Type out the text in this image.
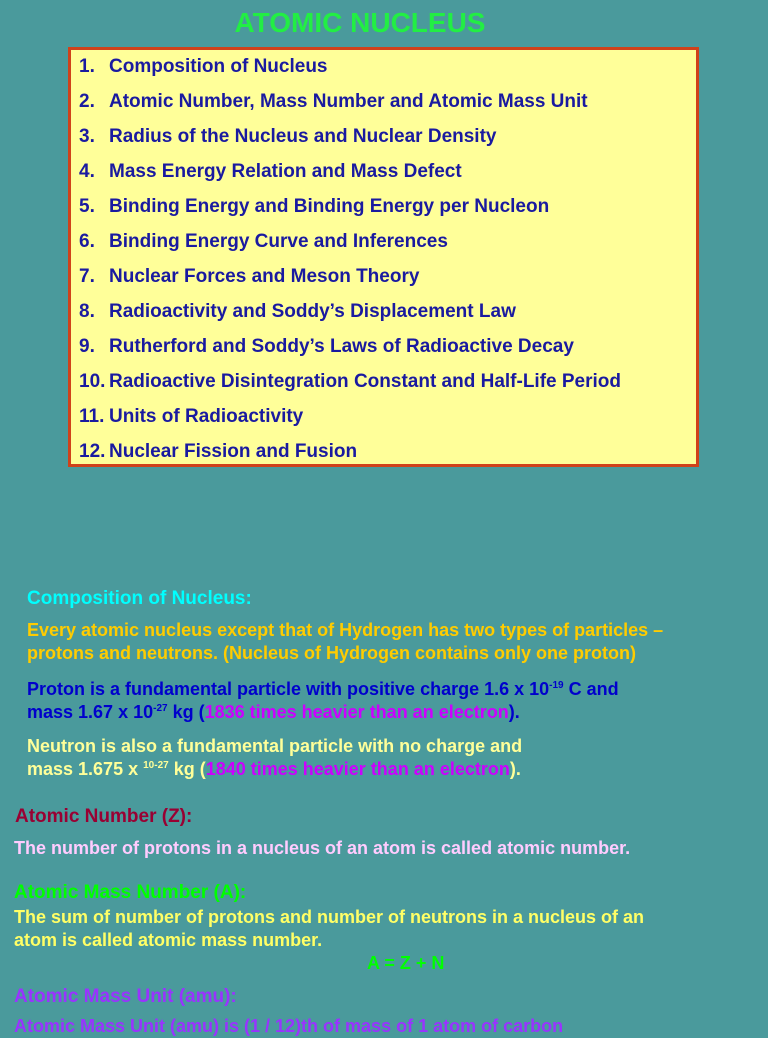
ATOMIC NUCLEUS
1. Composition of Nucleus
2. Atomic Number, Mass Number and Atomic Mass Unit
3. Radius of the Nucleus and Nuclear Density
4. Mass Energy Relation and Mass Defect
5. Binding Energy and Binding Energy per Nucleon
6. Binding Energy Curve and Inferences
7. Nuclear Forces and Meson Theory
8. Radioactivity and Soddy’s Displacement Law
9. Rutherford and Soddy’s Laws of Radioactive Decay
10. Radioactive Disintegration Constant and Half-Life Period
11. Units of Radioactivity
12. Nuclear Fission and Fusion
Composition of Nucleus:
Every atomic nucleus except that of Hydrogen has two types of particles –
protons and neutrons. (Nucleus of Hydrogen contains only one proton)
Proton is a fundamental particle with positive charge 1.6 x $10^{-19}$ C and
mass 1.67 x $10^{-27}$ kg (1836 times heavier than an electron).
Neutron is also a fundamental particle with no charge and
mass 1.675 x $^{10-27}$ kg (1840 times heavier than an electron).
Atomic Number (Z):
The number of protons in a nucleus of an atom is called atomic number.
Atomic Mass Number (A):
The sum of number of protons and number of neutrons in a nucleus of an
atom is called atomic mass number.
A = Z + N
Atomic Mass Unit (amu):
Atomic Mass Unit (amu) is (1 / 12)th of mass of 1 atom of carbon
